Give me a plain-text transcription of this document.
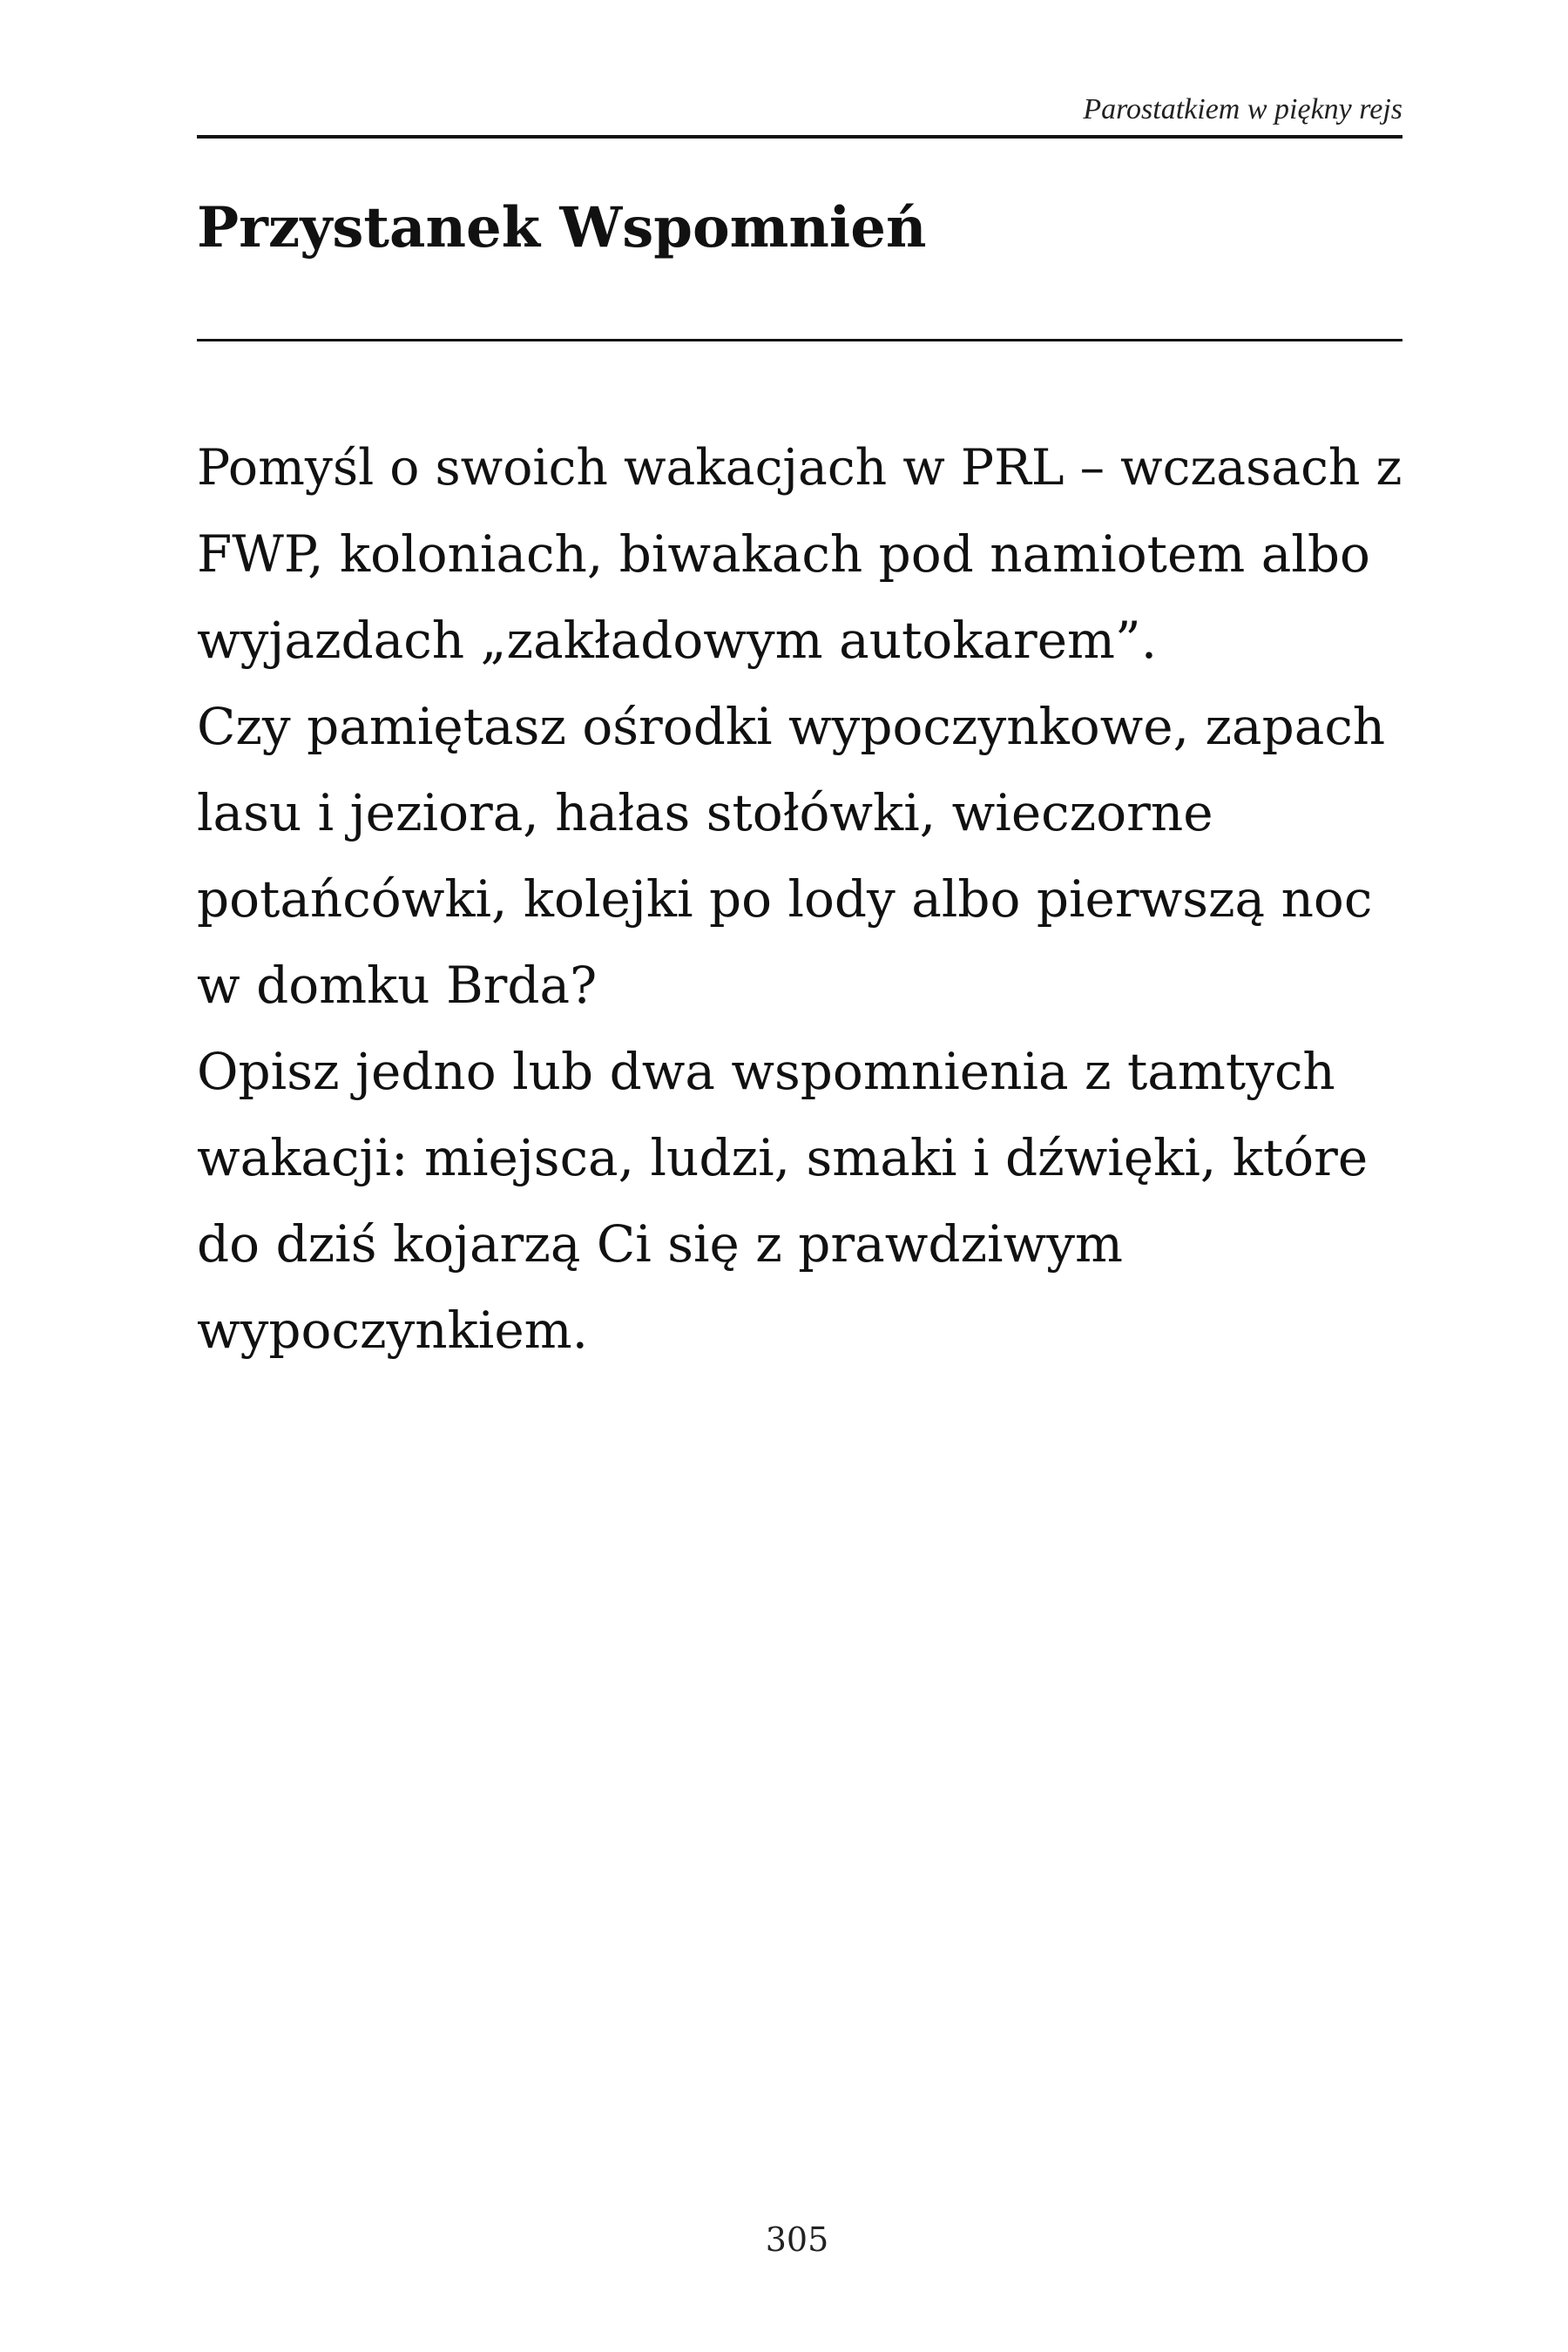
Parostatkiem w piękny rejs
Przystanek Wspomnień
Pomyśl o swoich wakacjach w PRL – wczasach z
FWP, koloniach, biwakach pod namiotem albo
wyjazdach „zakładowym autokarem”.
Czy pamiętasz ośrodki wypoczynkowe, zapach
lasu i jeziora, hałas stołówki, wieczorne
potańcówki, kolejki po lody albo pierwszą noc
w domku Brda?
Opisz jedno lub dwa wspomnienia z tamtych
wakacji: miejsca, ludzi, smaki i dźwięki, które
do dziś kojarzą Ci się z prawdziwym
wypoczynkiem.
305
